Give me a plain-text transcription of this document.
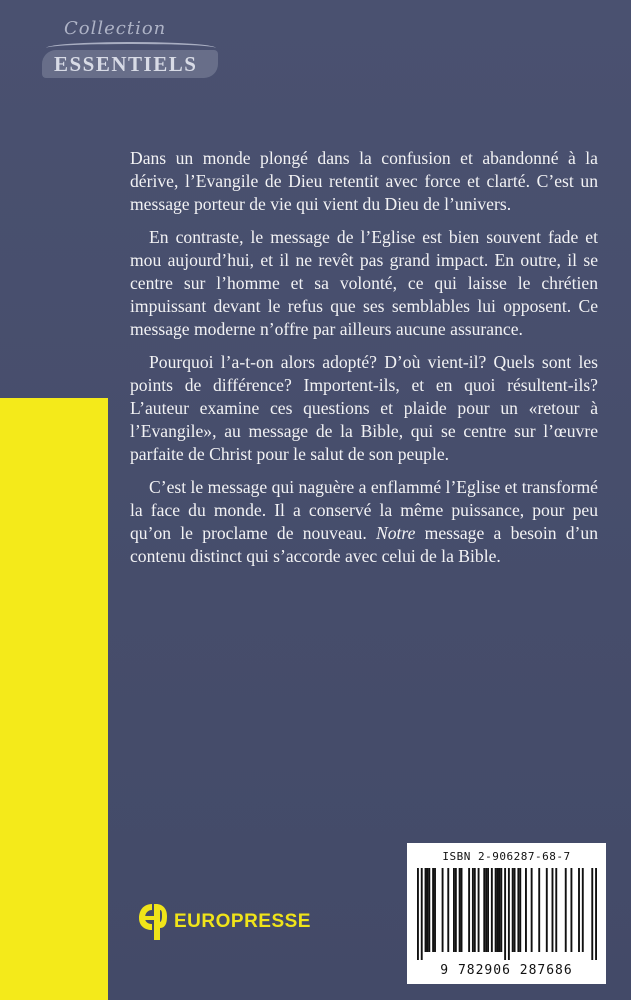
Collection
ESSENTIELS

Dans un monde plongé dans la confusion et abandonné à la dérive, l’Evangile de Dieu retentit avec force et clarté. C’est un message porteur de vie qui vient du Dieu de l’univers.

En contraste, le message de l’Eglise est bien souvent fade et mou aujourd’hui, et il ne revêt pas grand impact. En outre, il se centre sur l’homme et sa volonté, ce qui laisse le chrétien impuissant devant le refus que ses semblables lui opposent. Ce message moderne n’offre par ailleurs aucune assurance.

Pourquoi l’a-t-on alors adopté? D’où vient-il? Quels sont les points de différence? Importent-ils, et en quoi résultent-ils? L’auteur examine ces questions et plaide pour un «retour à l’Evangile», au message de la Bible, qui se centre sur l’œuvre parfaite de Christ pour le salut de son peuple.

C’est le message qui naguère a enflammé l’Eglise et transformé la face du monde. Il a conservé la même puissance, pour peu qu’on le proclame de nouveau. Notre message a besoin d’un contenu distinct qui s’accorde avec celui de la Bible.

EUROPRESSE
ISBN 2-906287-68-7
9 782906 287686
